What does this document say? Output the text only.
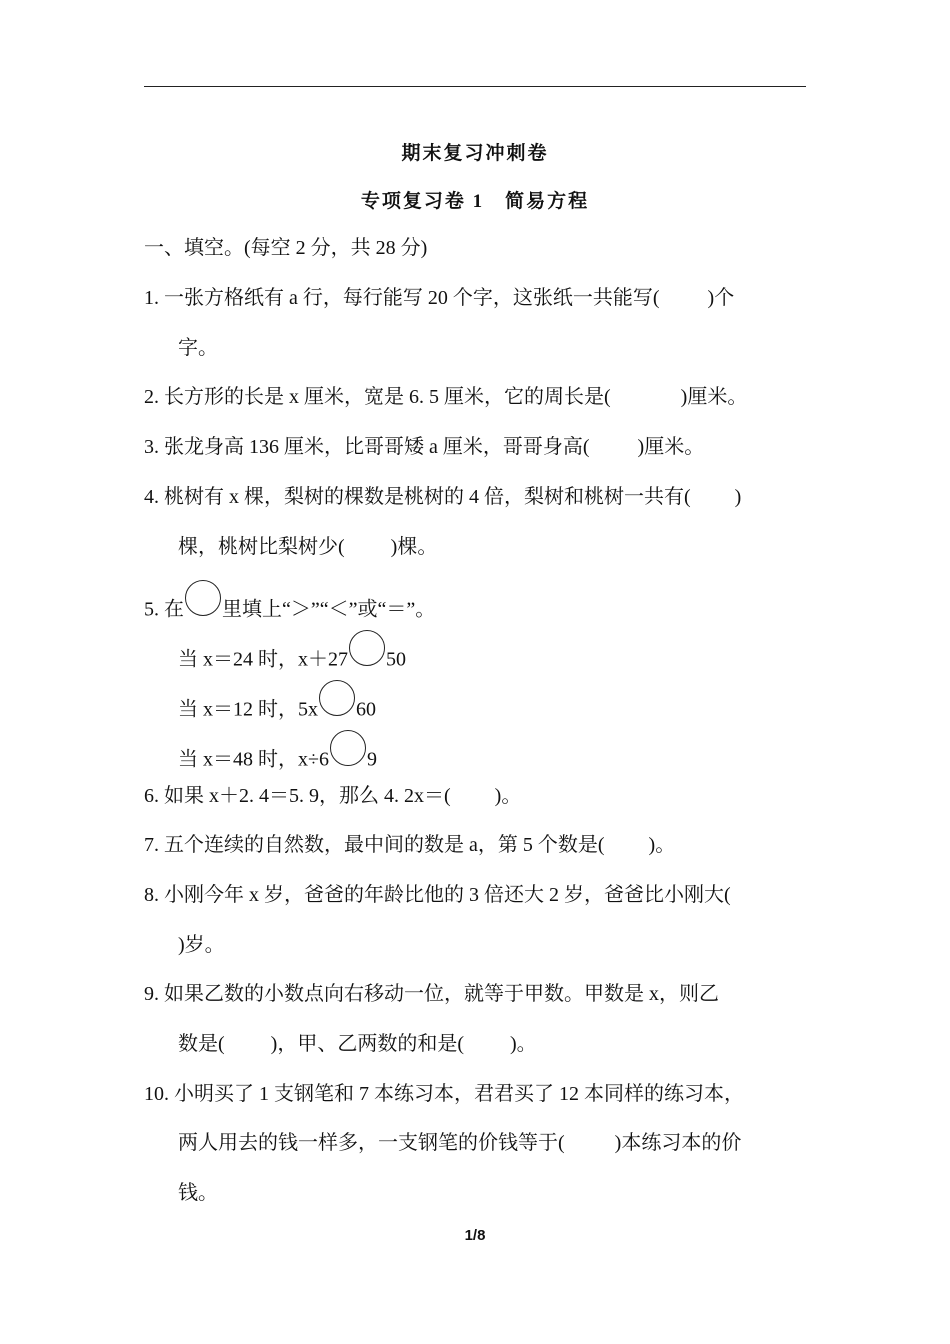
期末复习冲刺卷
专项复习卷 1　简易方程
一、填空。(每空 2 分，共 28 分)
1. 一张方格纸有 a 行，每行能写 20 个字，这张纸一共能写( )个
字。
2. 长方形的长是 x 厘米，宽是 6. 5 厘米，它的周长是(	)厘米。
3. 张龙身高 136 厘米，比哥哥矮 a 厘米，哥哥身高( )厘米。
4. 桃树有 x 棵，梨树的棵数是桃树的 4 倍，梨树和桃树一共有( )
棵，桃树比梨树少( )棵。
5. 在 里填上“＞”“＜”或“＝”。
当 x＝24 时，x＋27 50
当 x＝12 时，5x 60
当 x＝48 时，x÷6 9
6. 如果 x＋2. 4＝5. 9，那么 4. 2x＝( )。
7. 五个连续的自然数，最中间的数是 a，第 5 个数是( )。
8. 小刚今年 x 岁，爸爸的年龄比他的 3 倍还大 2 岁，爸爸比小刚大(
)岁。
9. 如果乙数的小数点向右移动一位，就等于甲数。甲数是 x，则乙
数是( )，甲、乙两数的和是( )。
10. 小明买了 1 支钢笔和 7 本练习本，君君买了 12 本同样的练习本，
两人用去的钱一样多，一支钢笔的价钱等于(	)本练习本的价
钱。
1/8
